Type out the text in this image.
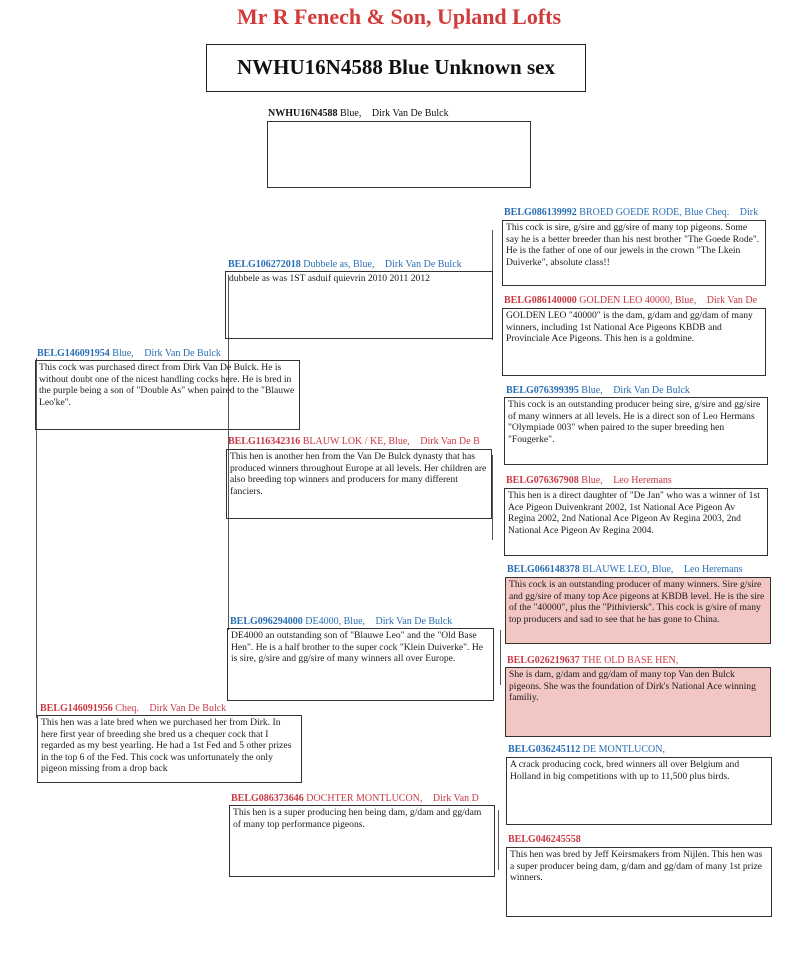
Mr R Fenech & Son, Upland Lofts
NWHU16N4588 Blue Unknown sex
NWHU16N4588 Blue, Dirk Van De Bulck
BELG106272018 Dubbele as, Blue, Dirk Van De Bulck
dubbele as was 1ST asduif quievrin 2010 2011 2012
BELG096294000 DE4000, Blue, Dirk Van De Bulck
DE4000 an outstanding son of "Blauwe Leo" and the "Old Base Hen". He is a half brother to the super cock "Klein Duiverke". He is sire, g/sire and gg/sire of many winners all over Europe.
BELG146091954 Blue, Dirk Van De Bulck
This cock was purchased direct from Dirk Van De Bulck. He is without doubt one of the nicest handling cocks here. He is bred in the purple being a son of "Double As" when paired to the "Blauwe Leo'ke".
BELG116342316 BLAUW LOK / KE, Blue, Dirk Van De B
This hen is another hen from the Van De Bulck dynasty that has produced winners throughout Europe at all levels. Her children are also breeding top winners and producers for many different fanciers.
BELG146091956 Cheq. Dirk Van De Bulck
This hen was a late bred when we purchased her from Dirk. In here first year of breeding she bred us a chequer cock that I regarded as my best yearling. He had a 1st Fed and 5 other prizes in the top 6 of the Fed. This cock was unfortunately the only pigeon missing from a drop back
BELG086373646 DOCHTER MONTLUCON, Dirk Van D
This hen is a super producing hen being dam, g/dam and gg/dam of many top performance pigeons.
BELG086139992 BROED GOEDE RODE, Blue Cheq. Dirk
This cock is sire, g/sire and gg/sire of many top pigeons. Some say he is a better breeder than his nest brother "The Goede Rode". He is the father of one of our jewels in the crown "The Lkein Duiverke", absolute class!!
BELG086140000 GOLDEN LEO 40000, Blue, Dirk Van De
GOLDEN LEO "40000" is the dam, g/dam and gg/dam of many winners, including 1st National Ace Pigeons KBDB and Provinciale Ace Pigeons. This hen is a goldmine.
BELG076399395 Blue, Dirk Van De Bulck
This cock is an outstanding producer being sire, g/sire and gg/sire of many winners at all levels. He is a direct son of Leo Hermans "Olympiade 003" when paired to the super breeding hen "Fougerke".
BELG076367908 Blue, Leo Heremans
This hen is a direct daughter of "De Jan" who was a winner of 1st Ace Pigeon Duivenkrant 2002, 1st National Ace Pigeon Av Regina 2002, 2nd National Ace Pigeon Av Regina 2003, 2nd National Ace Pigeon Av Regina 2004.
BELG066148378 BLAUWE LEO, Blue, Leo Heremans
This cock is an outstanding producer of many winners. Sire g/sire and gg/sire of many top Ace pigeons at KBDB level. He is the sire of the "40000", plus the "Pithiviersk". This cock is g/sire of many top producers and sad to see that he has gone to China.
BELG026219637 THE OLD BASE HEN,
She is dam, g/dam and gg/dam of many top Van den Bulck pigeons. She was the foundation of Dirk's National Ace winning familiy.
BELG036245112 DE MONTLUCON,
A crack producing cock, bred winners all over Belgium and Holland in big competitions with up to 11,500 plus birds.
BELG046245558
This hen was bred by Jeff Keirsmakers from Nijlen. This hen was a super producer being dam, g/dam and gg/dam of many 1st prize winners.
